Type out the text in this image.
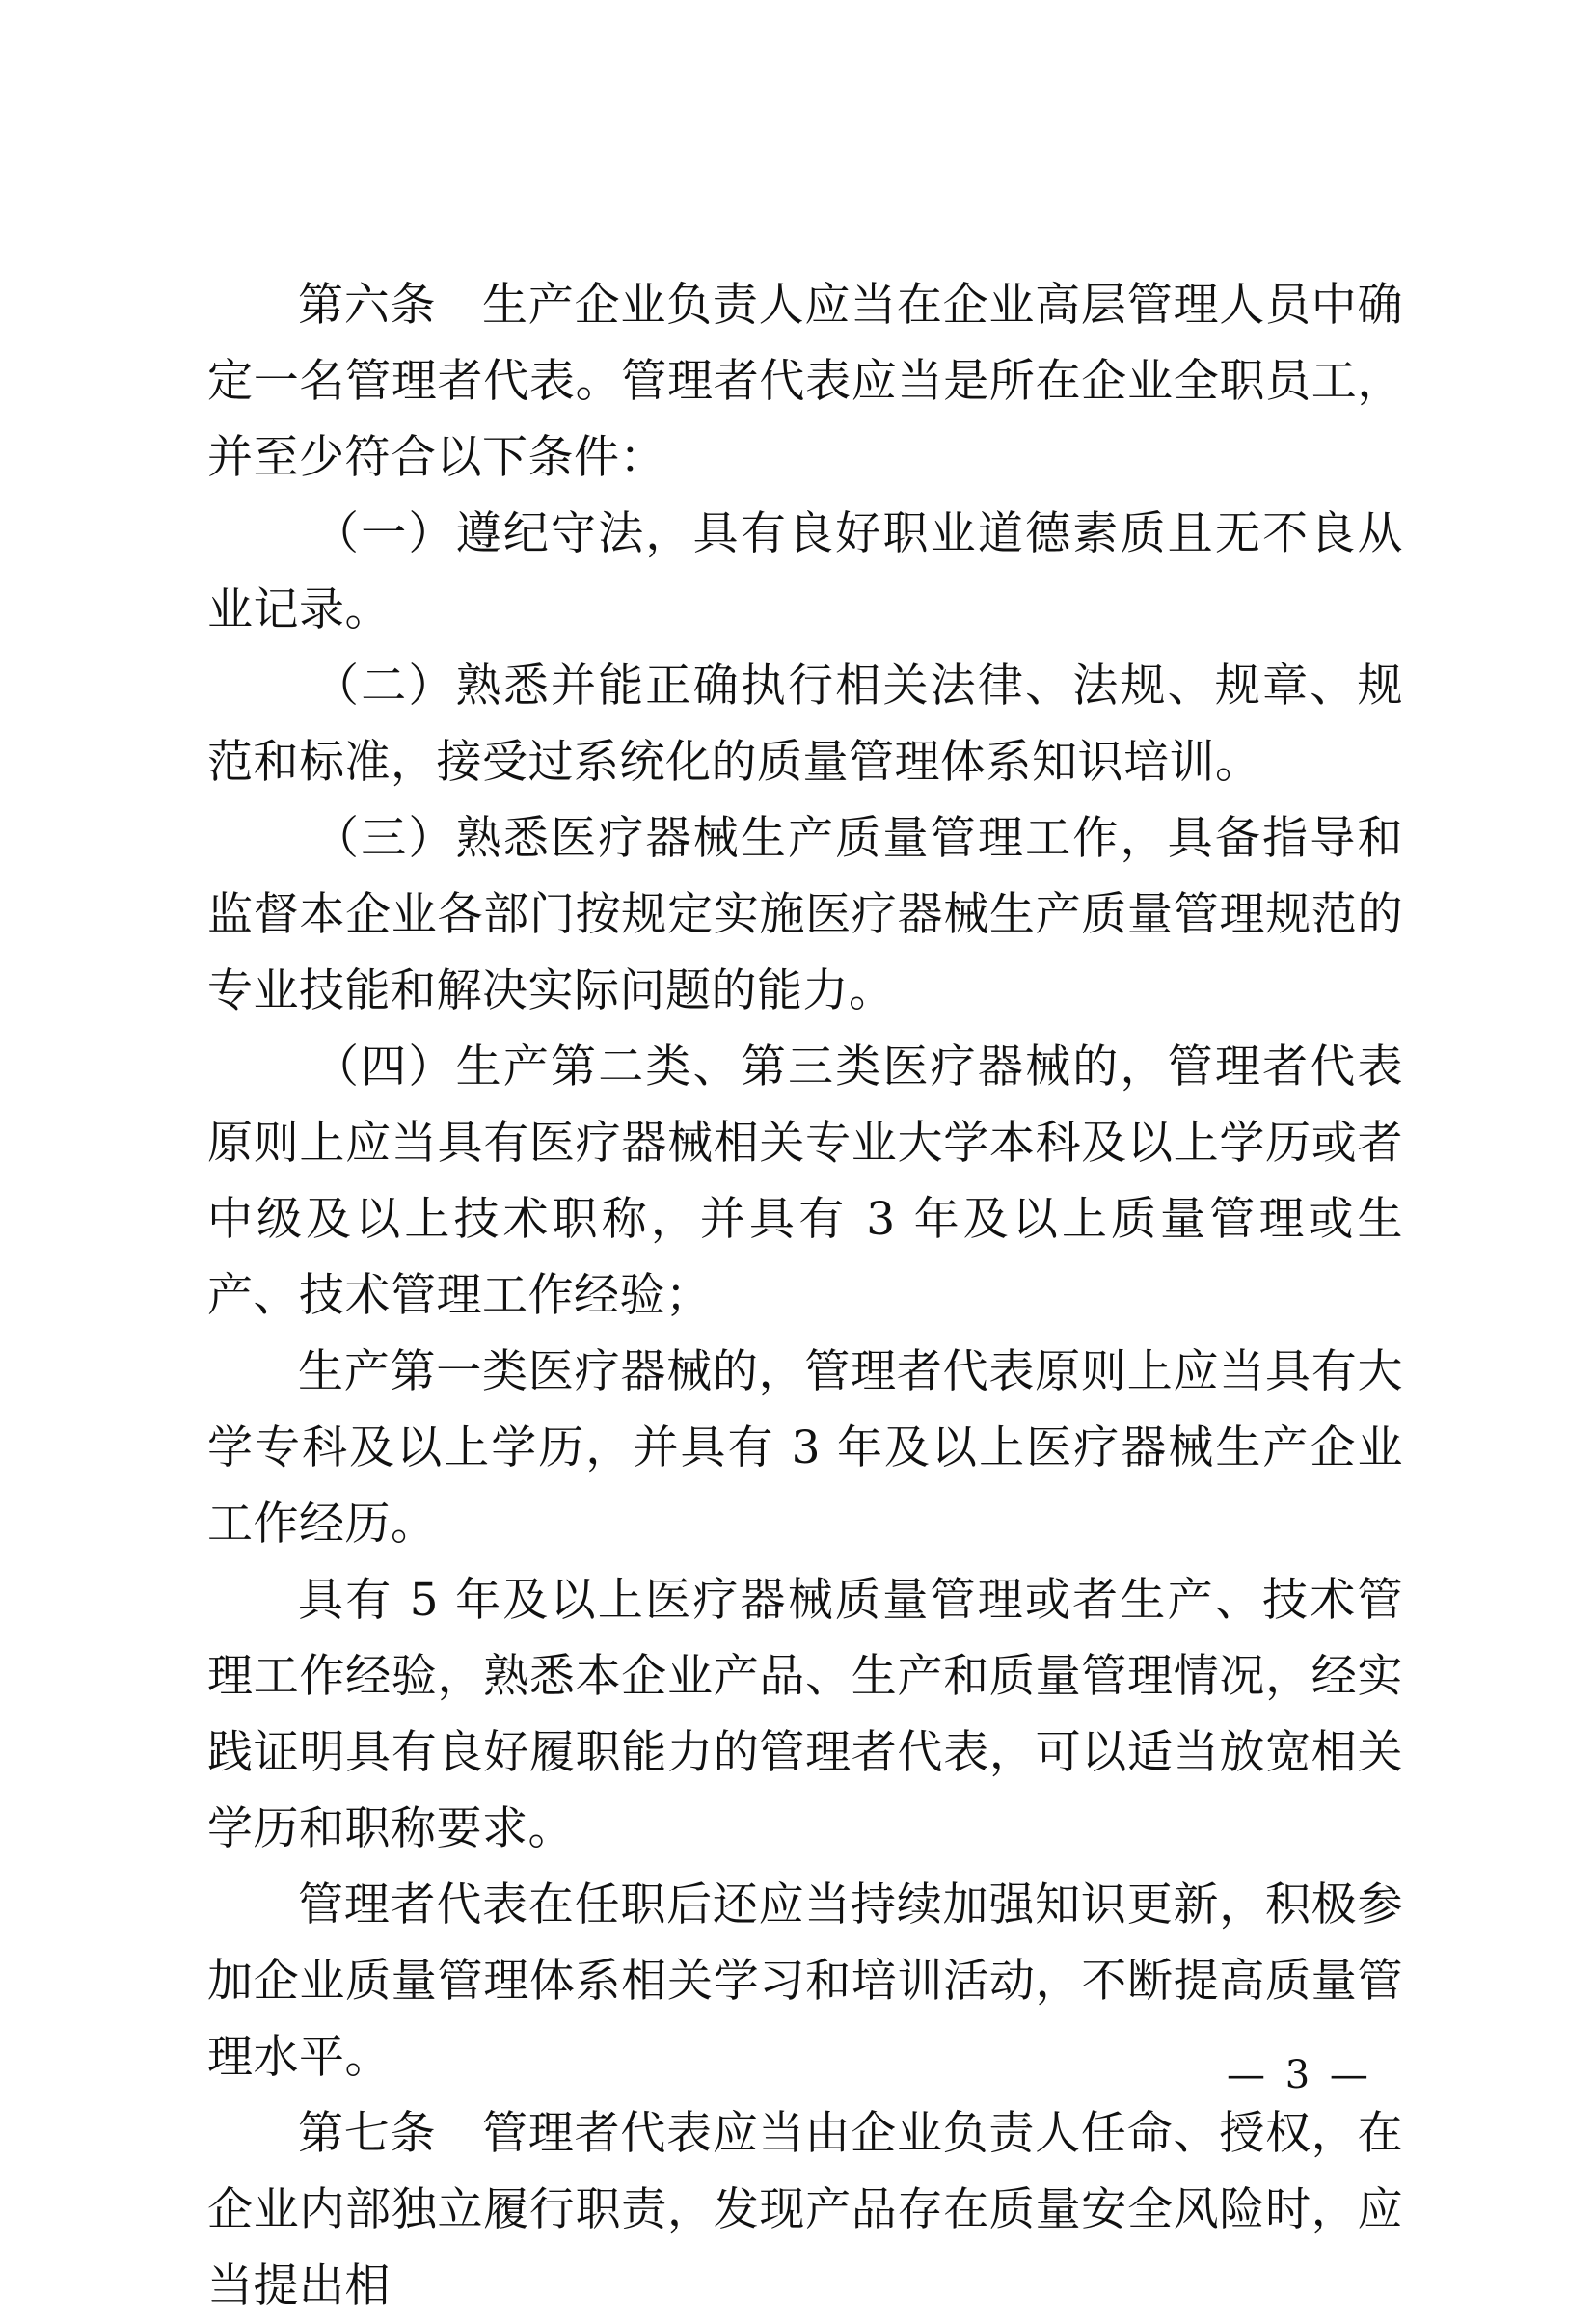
第六条　生产企业负责人应当在企业高层管理人员中确定一名管理者代表。管理者代表应当是所在企业全职员工，并至少符合以下条件：

（一）遵纪守法，具有良好职业道德素质且无不良从业记录。

（二）熟悉并能正确执行相关法律、法规、规章、规范和标准，接受过系统化的质量管理体系知识培训。

（三）熟悉医疗器械生产质量管理工作，具备指导和监督本企业各部门按规定实施医疗器械生产质量管理规范的专业技能和解决实际问题的能力。

（四）生产第二类、第三类医疗器械的，管理者代表原则上应当具有医疗器械相关专业大学本科及以上学历或者中级及以上技术职称，并具有 3 年及以上质量管理或生产、技术管理工作经验；

生产第一类医疗器械的，管理者代表原则上应当具有大学专科及以上学历，并具有 3 年及以上医疗器械生产企业工作经历。

具有 5 年及以上医疗器械质量管理或者生产、技术管理工作经验，熟悉本企业产品、生产和质量管理情况，经实践证明具有良好履职能力的管理者代表，可以适当放宽相关学历和职称要求。

管理者代表在任职后还应当持续加强知识更新，积极参加企业质量管理体系相关学习和培训活动，不断提高质量管理水平。

第七条　管理者代表应当由企业负责人任命、授权，在企业内部独立履行职责，发现产品存在质量安全风险时，应当提出相

— 3 —
